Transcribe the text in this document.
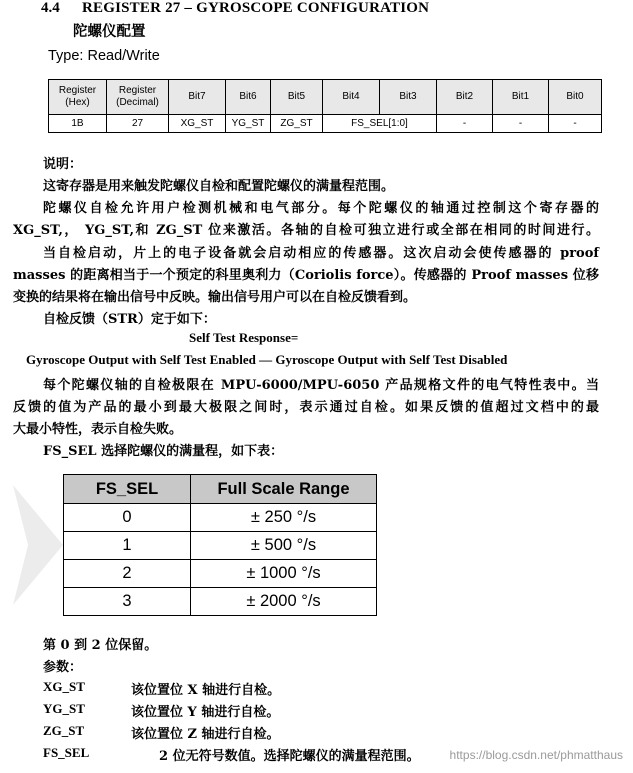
4.4 REGISTER 27 – GYROSCOPE CONFIGURATION
陀螺仪配置
Type: Read/Write
Register (Hex)	Register (Decimal)	Bit7	Bit6	Bit5	Bit4	Bit3	Bit2	Bit1	Bit0
1B	27	XG_ST	YG_ST	ZG_ST	FS_SEL[1:0]		-	-	-
说明：
这寄存器是用来触发陀螺仪自检和配置陀螺仪的满量程范围。
陀螺仪自检允许用户检测机械和电气部分。每个陀螺仪的轴通过控制这个寄存器的
XG_ST,， YG_ST,和 ZG_ST 位来激活。各轴的自检可独立进行或全部在相同的时间进行。
当自检启动，片上的电子设备就会启动相应的传感器。这次启动会使传感器的 proof
masses 的距离相当于一个预定的科里奥利力（Coriolis force）。传感器的 Proof masses 位移
变换的结果将在输出信号中反映。输出信号用户可以在自检反馈看到。
自检反馈（STR）定于如下：
Self Test Response=
Gyroscope Output with Self Test Enabled — Gyroscope Output with Self Test Disabled
每个陀螺仪轴的自检极限在 MPU-6000/MPU-6050 产品规格文件的电气特性表中。当
反馈的值为产品的最小到最大极限之间时，表示通过自检。如果反馈的值超过文档中的最
大最小特性，表示自检失败。
FS_SEL 选择陀螺仪的满量程，如下表：
FS_SEL	Full Scale Range
0	± 250 °/s
1	± 500 °/s
2	± 1000 °/s
3	± 2000 °/s
第 0 到 2 位保留。
参数：
XG_ST	该位置位 X 轴进行自检。
YG_ST	该位置位 Y 轴进行自检。
ZG_ST	该位置位 Z 轴进行自检。
FS_SEL	2 位无符号数值。选择陀螺仪的满量程范围。 https://blog.csdn.net/phmatthaus
